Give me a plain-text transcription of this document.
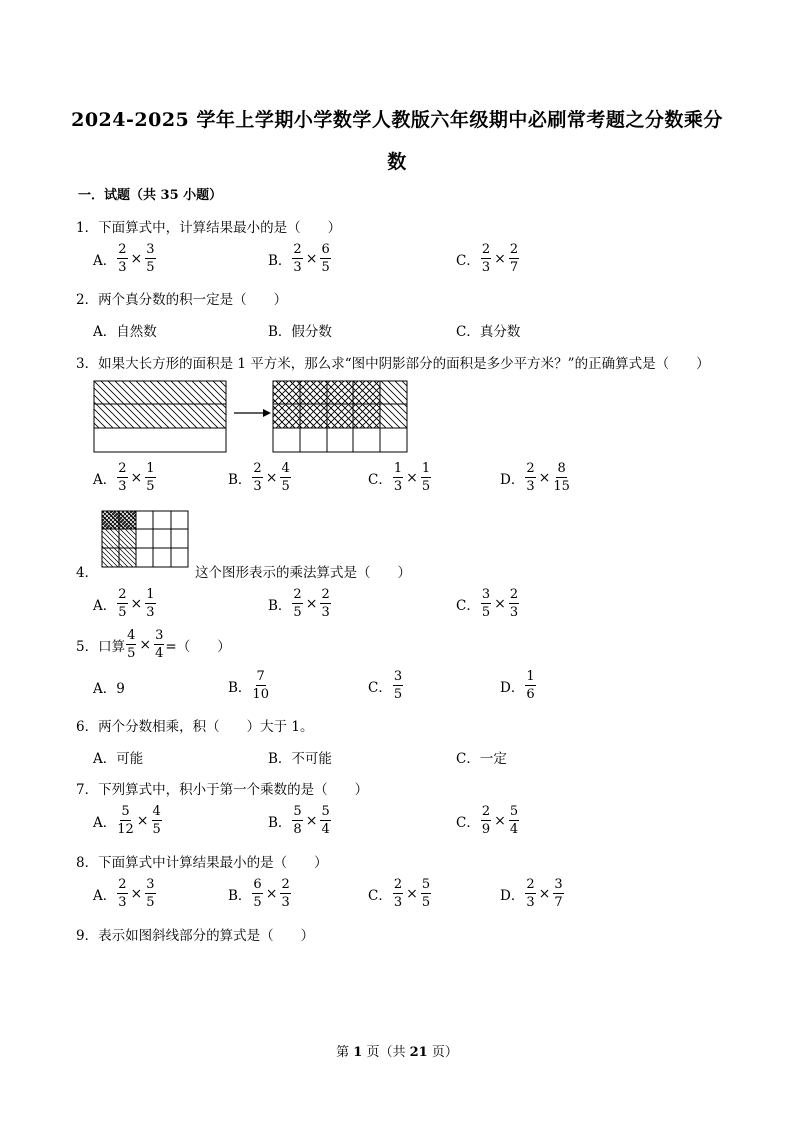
2024-2025 学年上学期小学数学人教版六年级期中必刷常考题之分数乘分
数
一．试题（共 35 小题）
1．下面算式中，计算结果最小的是（　　）
A． $\frac{2}{3} \times \frac{3}{5}$	B． $\frac{2}{3} \times \frac{6}{5}$	C． $\frac{2}{3} \times \frac{2}{7}$
2．两个真分数的积一定是（　　）
A．自然数	B．假分数	C．真分数
3．如果大长方形的面积是 1 平方米，那么求“图中阴影部分的面积是多少平方米？”的正确算式是（　　）
A． $\frac{2}{3} \times \frac{1}{5}$	B． $\frac{2}{3} \times \frac{4}{5}$	C． $\frac{1}{3} \times \frac{1}{5}$	D． $\frac{2}{3} \times \frac{8}{15}$
4．	这个图形表示的乘法算式是（　　）
A． $\frac{2}{5} \times \frac{1}{3}$	B． $\frac{2}{5} \times \frac{2}{3}$	C． $\frac{3}{5} \times \frac{2}{3}$
5．口算 $\frac{4}{5} \times \frac{3}{4}$ =（　　）
A．9	B． $\frac{7}{10}$	C． $\frac{3}{5}$	D． $\frac{1}{6}$
6．两个分数相乘，积（　　）大于 1。
A．可能	B．不可能	C．一定
7．下列算式中，积小于第一个乘数的是（　　）
A． $\frac{5}{12} \times \frac{4}{5}$	B． $\frac{5}{8} \times \frac{5}{4}$	C． $\frac{2}{9} \times \frac{5}{4}$
8．下面算式中计算结果最小的是（　　）
A． $\frac{2}{3} \times \frac{3}{5}$	B． $\frac{6}{5} \times \frac{2}{3}$	C． $\frac{2}{3} \times \frac{5}{5}$	D． $\frac{2}{3} \times \frac{3}{7}$
9．表示如图斜线部分的算式是（　　）
第 1 页（共 21 页）
